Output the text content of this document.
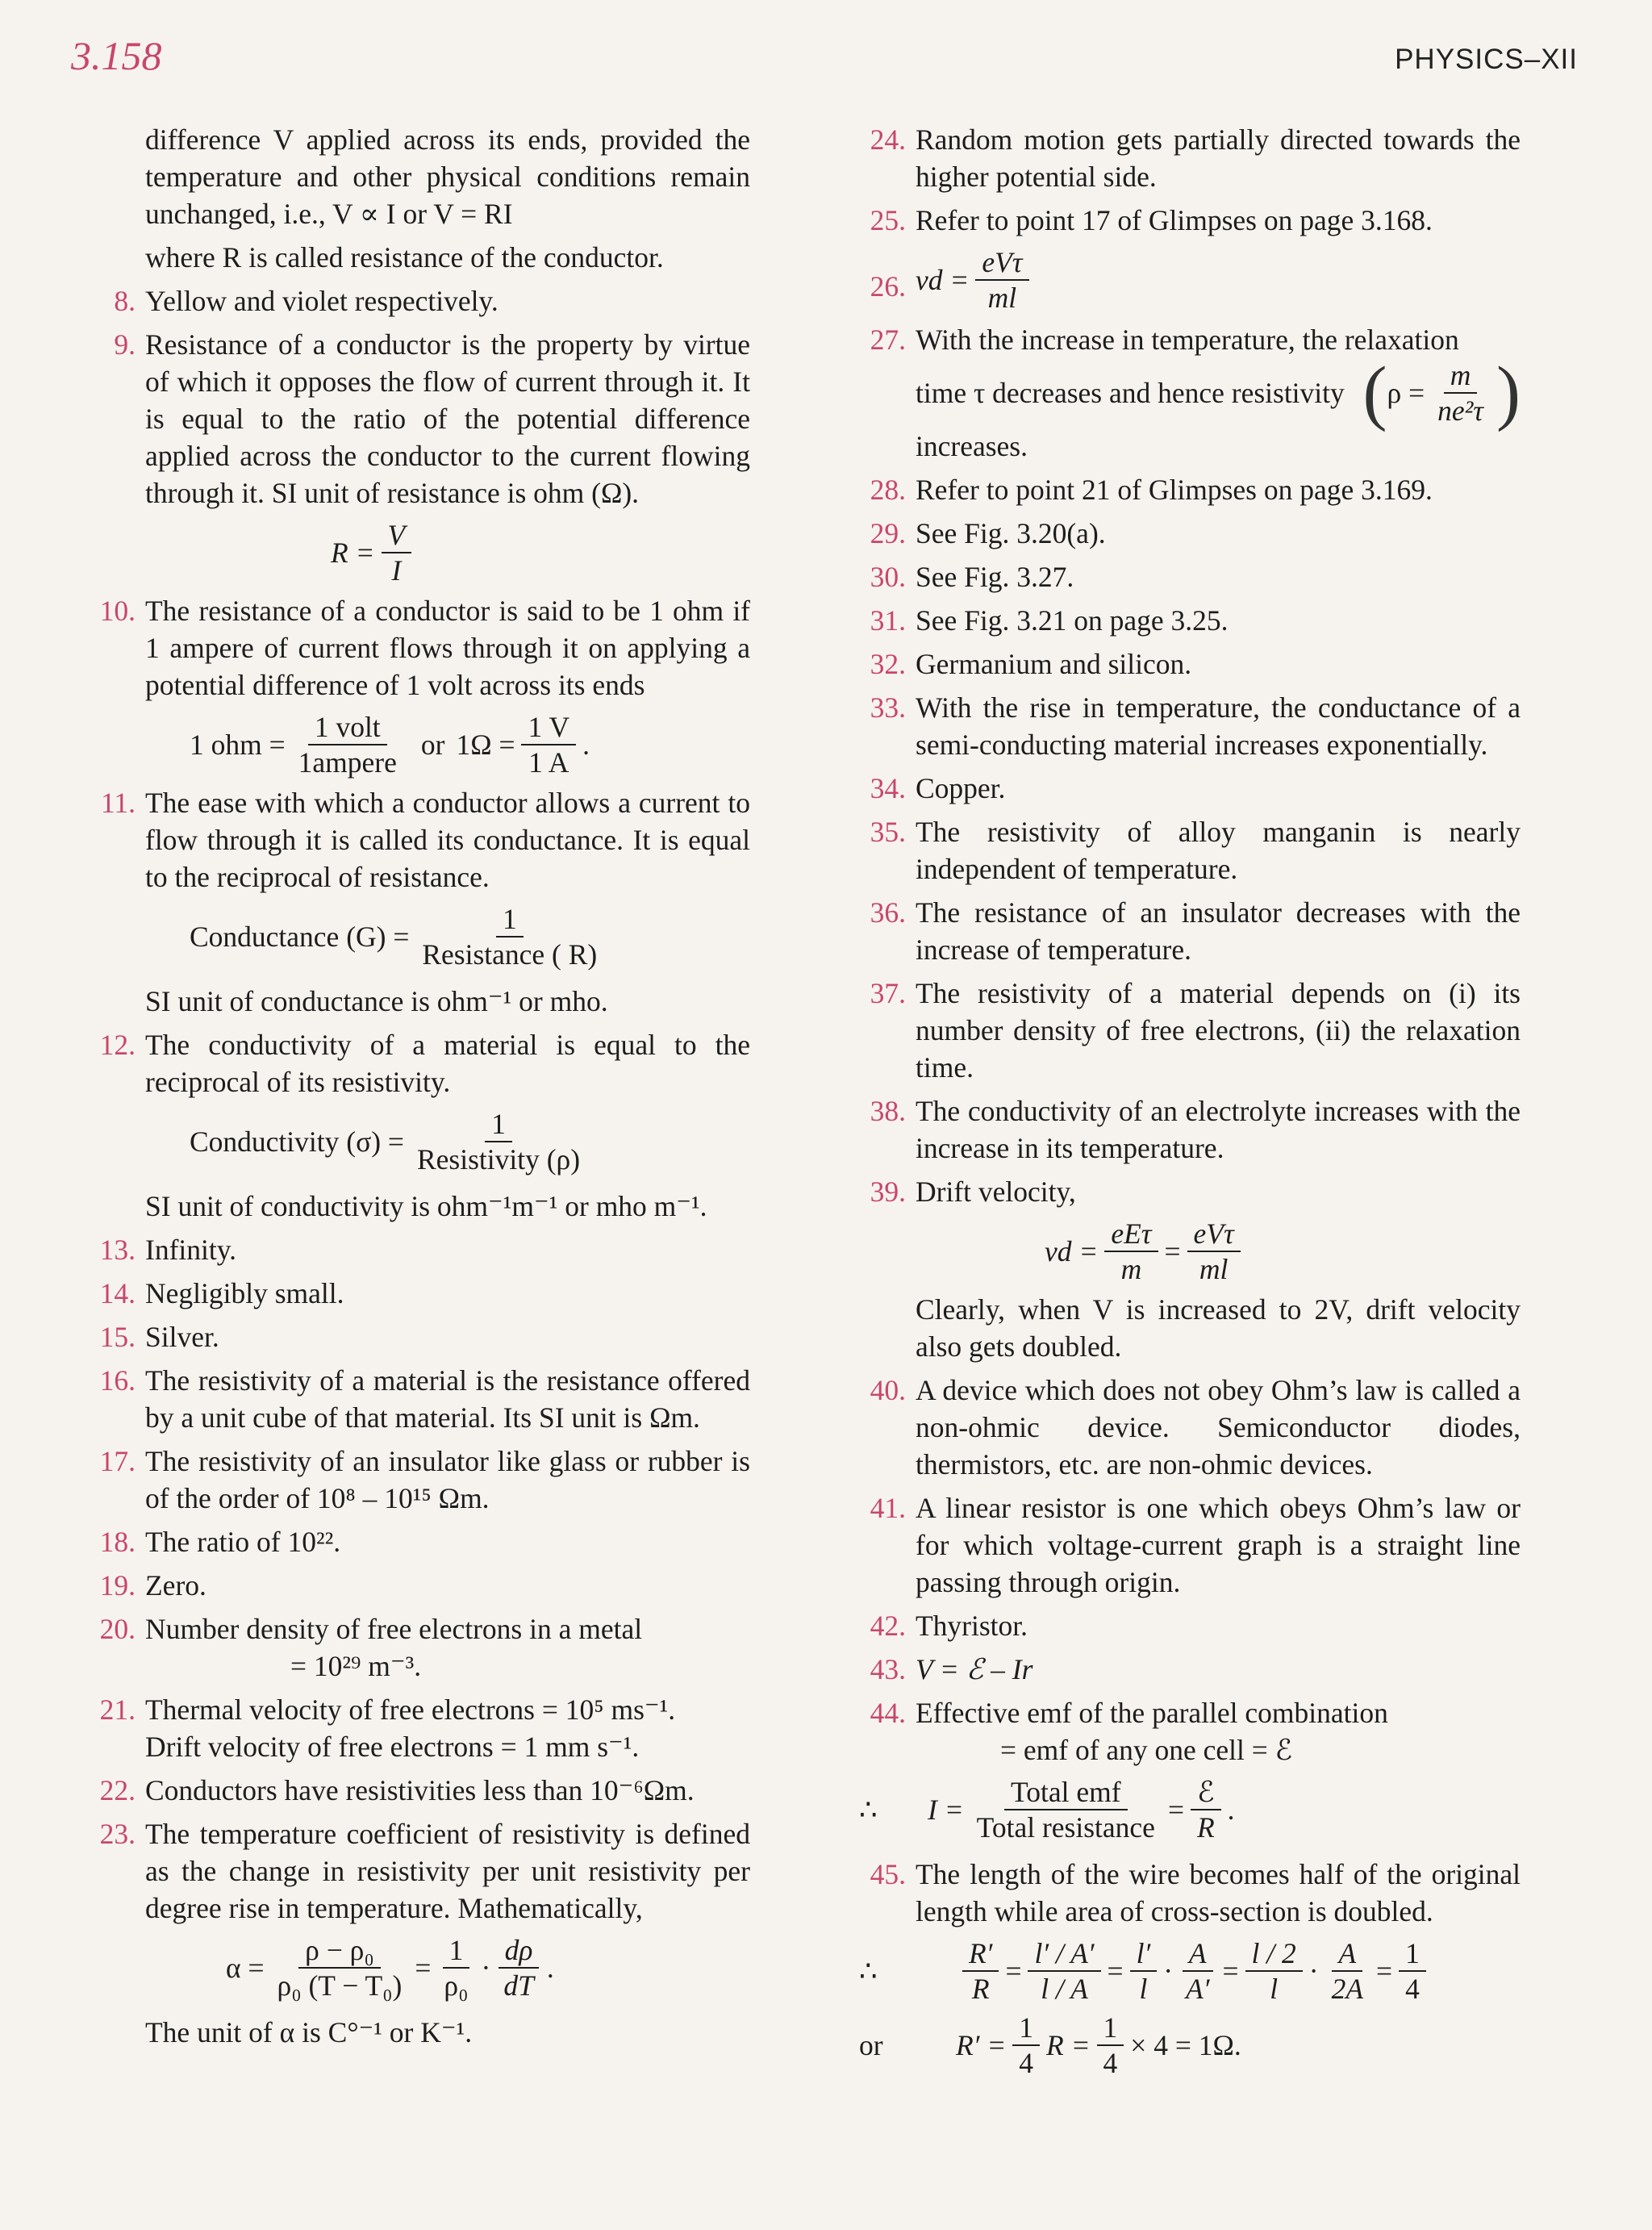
3.158	PHYSICS–XII
difference V applied across its ends, provided the temperature and other physical conditions remain unchanged, i.e., V ∝ I or V = RI
where R is called resistance of the conductor.
8. Yellow and violet respectively.
9. Resistance of a conductor is the property by virtue of which it opposes the flow of current through it. It is equal to the ratio of the potential difference applied across the conductor to the current flowing through it. SI unit of resistance is ohm (Ω).
$R = \frac{V}{I}$
10. The resistance of a conductor is said to be 1 ohm if 1 ampere of current flows through it on applying a potential difference of 1 volt across its ends
1 ohm = $\frac{\text{1 volt}}{\text{1ampere}}$ or $1\Omega = \frac{1 V}{1 A}$ .
11. The ease with which a conductor allows a current to flow through it is called its conductance. It is equal to the reciprocal of resistance.
Conductance $(G) = \frac{1}{\text{Resistance ( R)}}$
SI unit of conductance is ohm⁻¹ or mho.
12. The conductivity of a material is equal to the reciprocal of its resistivity.
Conductivity $(\sigma) = \frac{1}{\text{Resistivity (ρ)}}$
SI unit of conductivity is ohm⁻¹m⁻¹ or mho m⁻¹.
13. Infinity.
14. Negligibly small.
15. Silver.
16. The resistivity of a material is the resistance offered by a unit cube of that material. Its SI unit is Ωm.
17. The resistivity of an insulator like glass or rubber is of the order of 10⁸ – 10¹⁵ Ωm.
18. The ratio of 10²².
19. Zero.
20. Number density of free electrons in a metal
= 10²⁹ m⁻³.
21. Thermal velocity of free electrons = 10⁵ ms⁻¹.
Drift velocity of free electrons = 1 mm s⁻¹.
22. Conductors have resistivities less than 10⁻⁶Ωm.
23. The temperature coefficient of resistivity is defined as the change in resistivity per unit resistivity per degree rise in temperature. Mathematically,
$\alpha = \frac{\text{ρ − ρ₀}}{\text{ρ₀ (T − T₀)}} = \frac{1}{\text{ρ₀}} \cdot \frac{d\rho}{dT}$ .
The unit of α is C°⁻¹ or K⁻¹.
24. Random motion gets partially directed towards the higher potential side.
25. Refer to point 17 of Glimpses on page 3.168.
26. vd = $\frac{\text{eVτ}}{ml}$
27. With the increase in temperature, the relaxation

time τ decreases and hence resistivity ( $\rho = \frac{m}{\text{ne²τ}}$ )
increases.
28. Refer to point 21 of Glimpses on page 3.169.
29. See Fig. 3.20(a).
30. See Fig. 3.27.
31. See Fig. 3.21 on page 3.25.
32. Germanium and silicon.
33. With the rise in temperature, the conductance of a semi-conducting material increases exponentially.
34. Copper.
35. The resistivity of alloy manganin is nearly independent of temperature.
36. The resistance of an insulator decreases with the increase of temperature.
37. The resistivity of a material depends on (i) its number density of free electrons, (ii) the relaxation time.
38. The conductivity of an electrolyte increases with the increase in its temperature.
39. Drift velocity,
vd = $\frac{\text{eEτ}}{m} = \frac{\text{eVτ}}{ml}$
Clearly, when V is increased to 2V, drift velocity also gets doubled.
40. A device which does not obey Ohm’s law is called a non-ohmic device. Semiconductor diodes, thermistors, etc. are non-ohmic devices.
41. A linear resistor is one which obeys Ohm’s law or for which voltage-current graph is a straight line passing through origin.
42. Thyristor.
43. V = ℰ – Ir
44. Effective emf of the parallel combination
= emf of any one cell = ℰ
∴	$I = \frac{\text{Total emf}}{\text{Total resistance}} = \frac{\text{ℰ}}{R}$ .
45. The length of the wire becomes half of the original length while area of cross-section is doubled.
∴	$\frac{R'}{R} = \frac{l' / A'}{l / A} = \frac{l'}{l} \cdot \frac{A}{A'} = \frac{l / 2}{l} \cdot \frac{A}{2A} = \frac{1}{4}$
or	$R' = \frac{1}{4}$ $R = \frac{1}{4} \times 4 = 1\Omega$.
